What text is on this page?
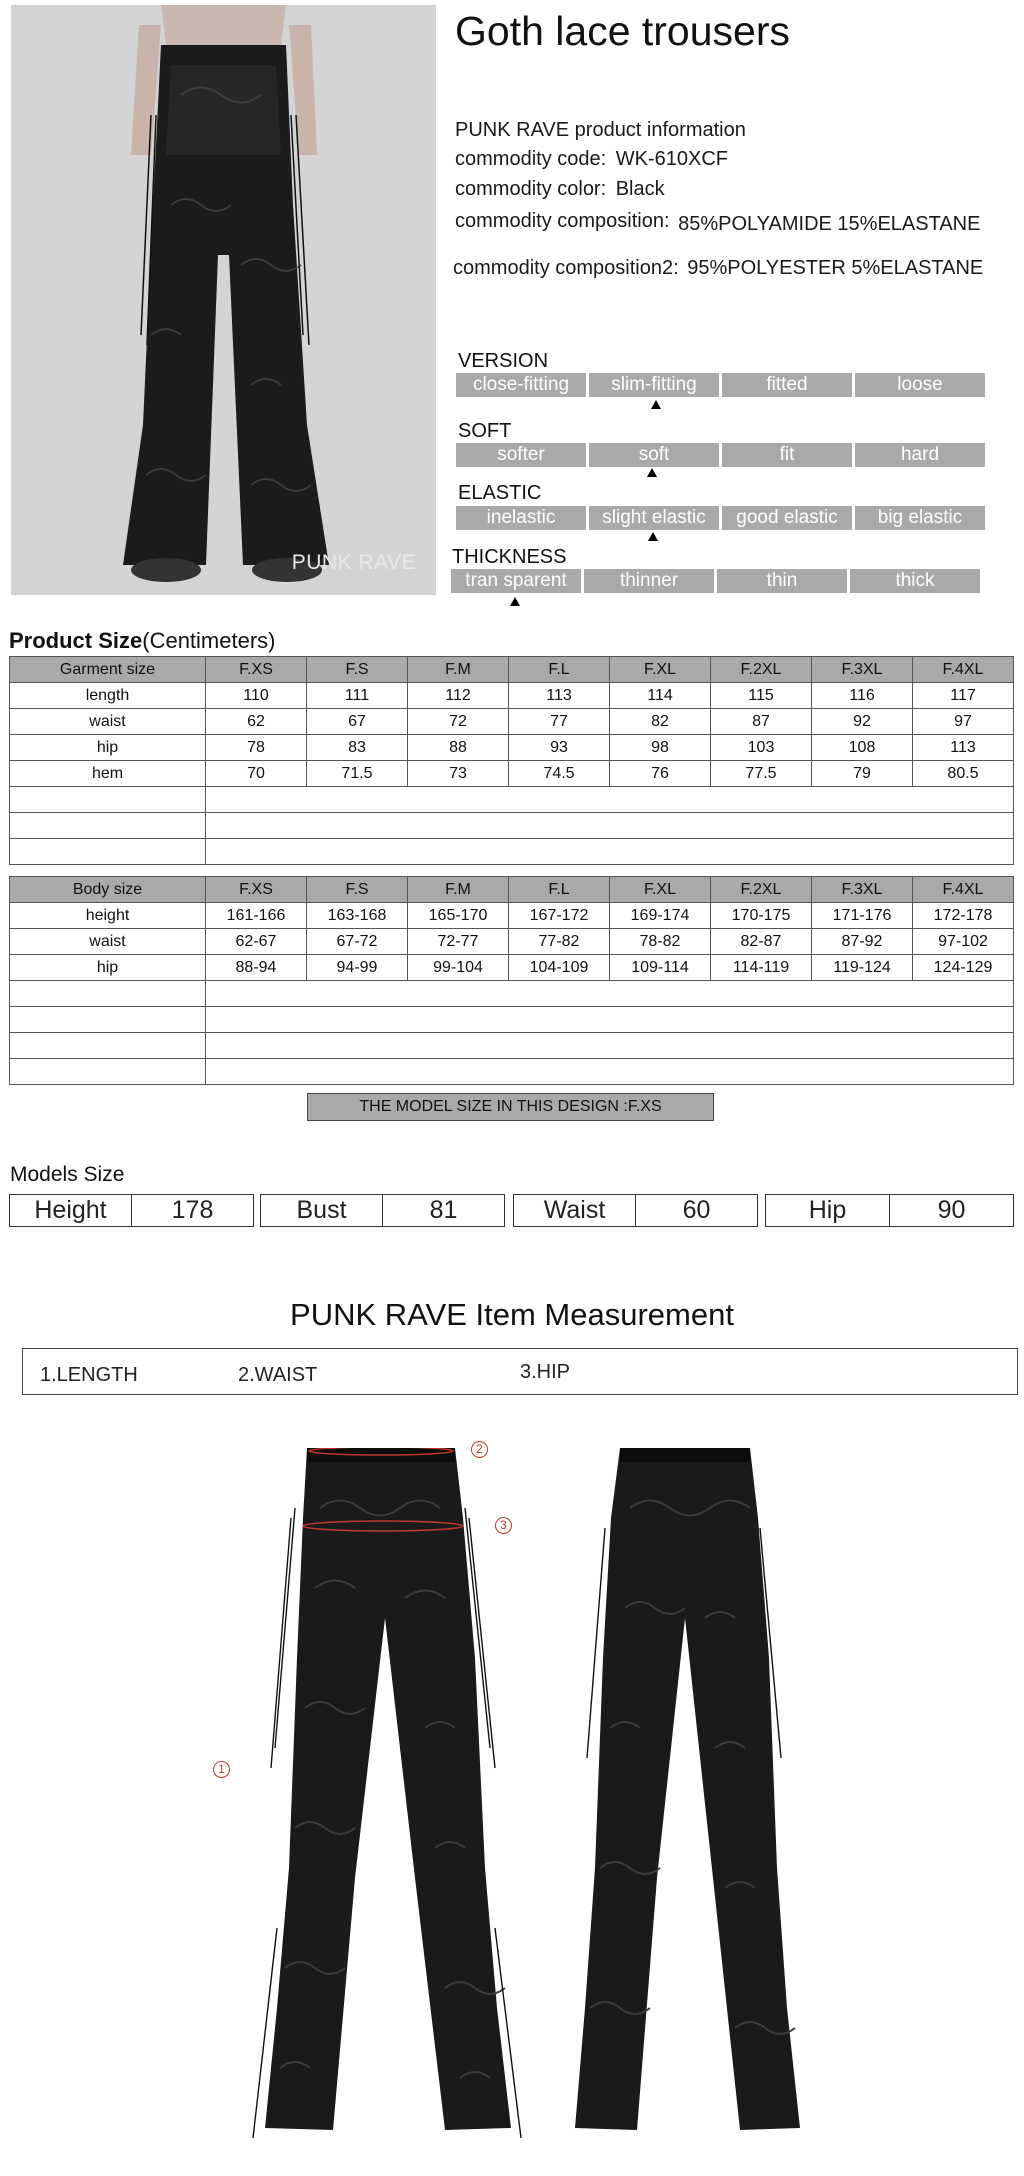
PUNK RAVE
Goth lace trousers
PUNK RAVE product information
commodity code: WK-610XCF
commodity color: Black
commodity composition: 85%POLYAMIDE 15%ELASTANE
commodity composition2: 95%POLYESTER 5%ELASTANE
VERSION
close-fitting	slim-fitting	fitted	loose
SOFT
softer	soft	fit	hard
ELASTIC
inelastic	slight elastic	good elastic	big elastic
THICKNESS
tran sparent	thinner	thin	thick
Product Size(Centimeters)
Garment size	F.XS	F.S	F.M	F.L	F.XL	F.2XL	F.3XL	F.4XL
length	110	111	112	113	114	115	116	117
waist	62	67	72	77	82	87	92	97
hip	78	83	88	93	98	103	108	113
hem	70	71.5	73	74.5	76	77.5	79	80.5

Body size	F.XS	F.S	F.M	F.L	F.XL	F.2XL	F.3XL	F.4XL
height	161-166	163-168	165-170	167-172	169-174	170-175	171-176	172-178
waist	62-67	67-72	72-77	77-82	78-82	82-87	87-92	97-102
hip	88-94	94-99	99-104	104-109	109-114	114-119	119-124	124-129

THE MODEL SIZE IN THIS DESIGN :F.XS
Models Size
Height	178	Bust	81	Waist	60	Hip	90
PUNK RAVE Item Measurement
1.LENGTH	2.WAIST	3.HIP
1
2
3
